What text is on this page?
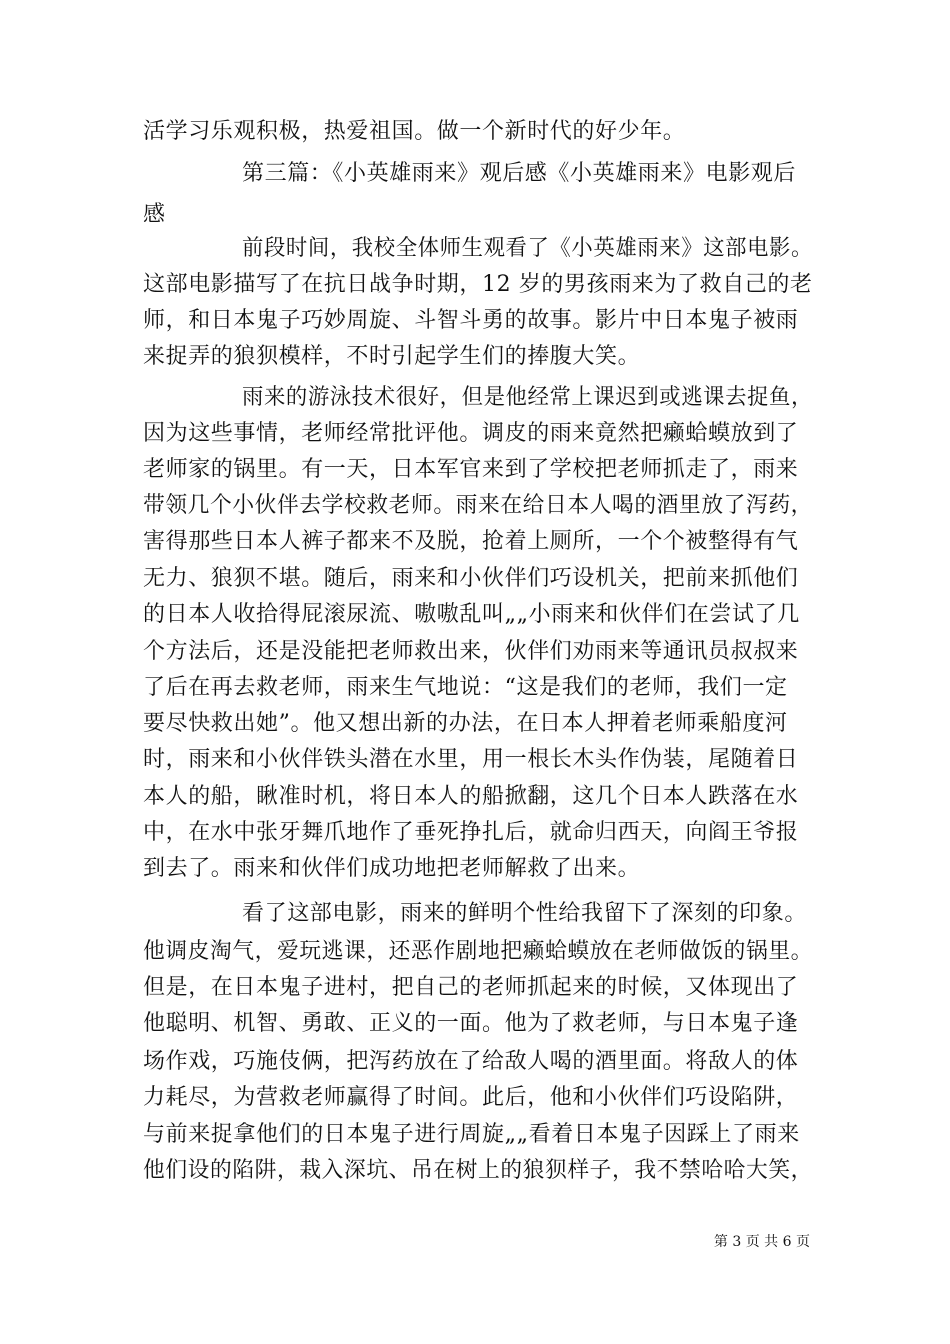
活学习乐观积极，热爱祖国。做一个新时代的好少年。
第三篇：《小英雄雨来》观后感《小英雄雨来》电影观后
感
前段时间，我校全体师生观看了《小英雄雨来》这部电影。
这部电影描写了在抗日战争时期，12 岁的男孩雨来为了救自己的老
师，和日本鬼子巧妙周旋、斗智斗勇的故事。影片中日本鬼子被雨
来捉弄的狼狈模样，不时引起学生们的捧腹大笑。
雨来的游泳技术很好，但是他经常上课迟到或逃课去捉鱼，
因为这些事情，老师经常批评他。调皮的雨来竟然把癞蛤蟆放到了
老师家的锅里。有一天，日本军官来到了学校把老师抓走了，雨来
带领几个小伙伴去学校救老师。雨来在给日本人喝的酒里放了泻药，
害得那些日本人裤子都来不及脱，抢着上厕所，一个个被整得有气
无力、狼狈不堪。随后，雨来和小伙伴们巧设机关，把前来抓他们
的日本人收拾得屁滚尿流、嗷嗷乱叫„„小雨来和伙伴们在尝试了几
个方法后，还是没能把老师救出来，伙伴们劝雨来等通讯员叔叔来
了后在再去救老师，雨来生气地说：“这是我们的老师，我们一定
要尽快救出她”。他又想出新的办法，在日本人押着老师乘船度河
时，雨来和小伙伴铁头潜在水里，用一根长木头作伪装，尾随着日
本人的船，瞅准时机，将日本人的船掀翻，这几个日本人跌落在水
中，在水中张牙舞爪地作了垂死挣扎后，就命归西天，向阎王爷报
到去了。雨来和伙伴们成功地把老师解救了出来。
看了这部电影，雨来的鲜明个性给我留下了深刻的印象。
他调皮淘气，爱玩逃课，还恶作剧地把癞蛤蟆放在老师做饭的锅里。
但是，在日本鬼子进村，把自己的老师抓起来的时候，又体现出了
他聪明、机智、勇敢、正义的一面。他为了救老师，与日本鬼子逢
场作戏，巧施伎俩，把泻药放在了给敌人喝的酒里面。将敌人的体
力耗尽，为营救老师赢得了时间。此后，他和小伙伴们巧设陷阱，
与前来捉拿他们的日本鬼子进行周旋„„看着日本鬼子因踩上了雨来
他们设的陷阱，栽入深坑、吊在树上的狼狈样子，我不禁哈哈大笑，
第 3 页 共 6 页
